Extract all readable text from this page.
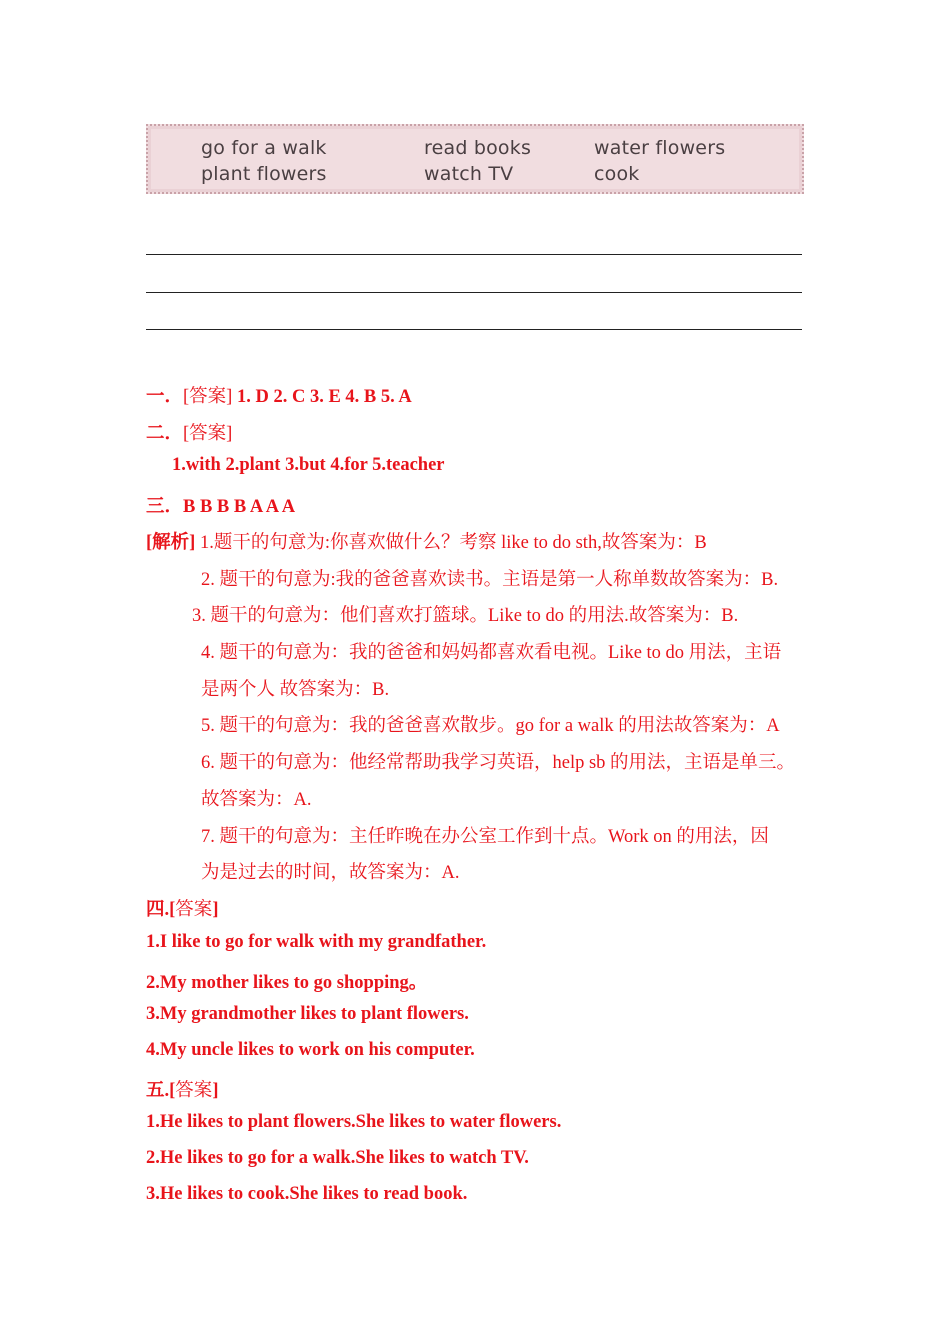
go for a walk	read books	water flowers
plant flowers	watch TV	cook
一．[答案] 1. D 2. C 3. E 4. B 5. A
二．[答案]
1.with 2.plant 3.but 4.for 5.teacher
三．B B B B A A A
[解析] 1.题干的句意为:你喜欢做什么？考察 like to do sth,故答案为：B
2. 题干的句意为:我的爸爸喜欢读书。主语是第一人称单数故答案为：B.
3. 题干的句意为：他们喜欢打篮球。Like to do 的用法.故答案为：B.
4. 题干的句意为：我的爸爸和妈妈都喜欢看电视。Like to do 用法，主语
是两个人 故答案为：B.
5. 题干的句意为：我的爸爸喜欢散步。go for a walk 的用法故答案为：A
6. 题干的句意为：他经常帮助我学习英语，help sb 的用法，主语是单三。
故答案为：A.
7. 题干的句意为：主任昨晚在办公室工作到十点。Work on 的用法，因
为是过去的时间，故答案为：A.
四.[答案]
1.I like to go for walk with my grandfather.
2.My mother likes to go shopping。
3.My grandmother likes to plant flowers.
4.My uncle likes to work on his computer.
五.[答案]
1.He likes to plant flowers.She likes to water flowers.
2.He likes to go for a walk.She likes to watch TV.
3.He likes to cook.She likes to read book.
